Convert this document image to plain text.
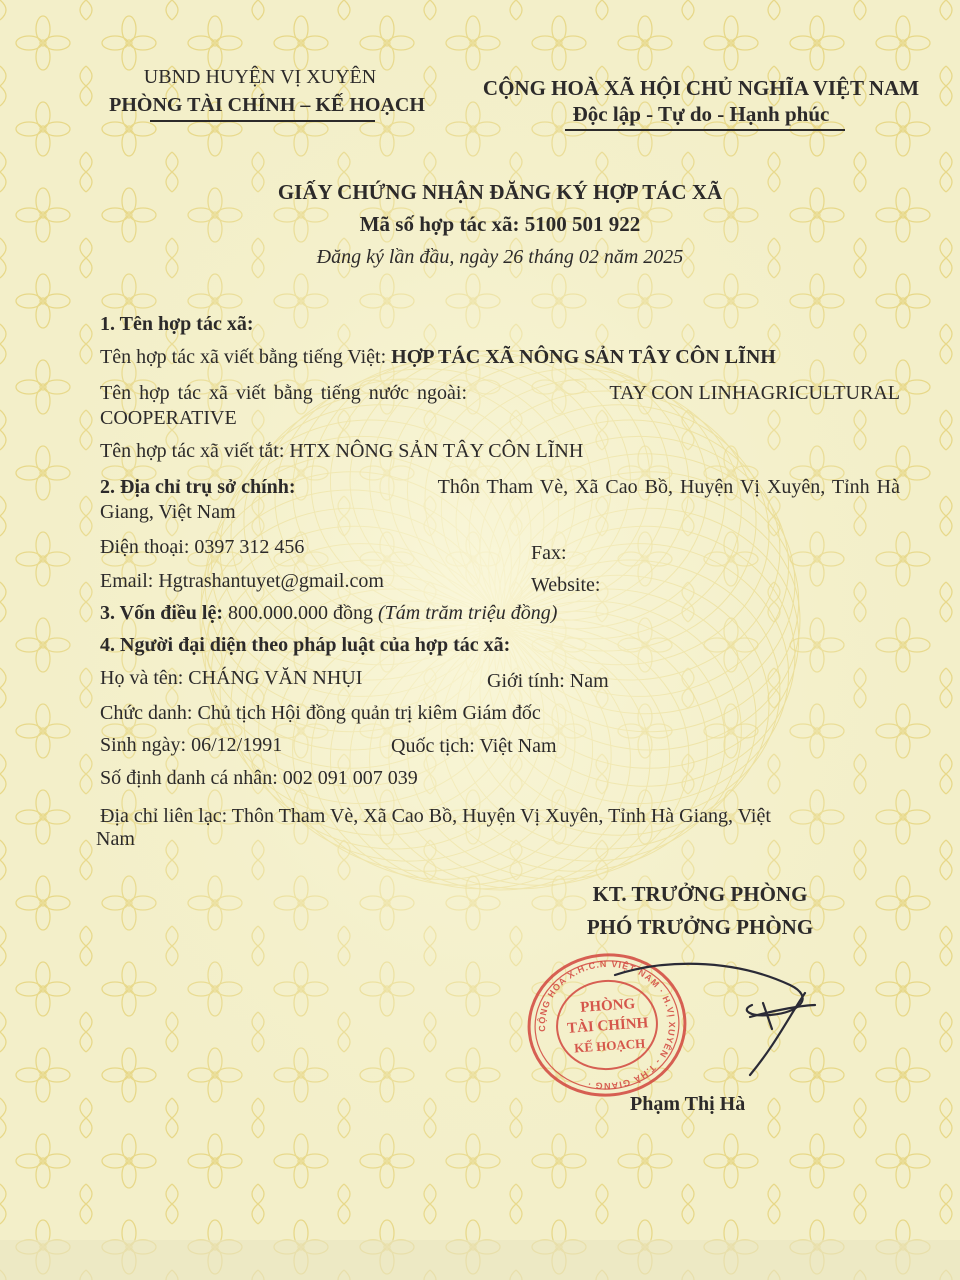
UBND HUYỆN VỊ XUYÊN
PHÒNG TÀI CHÍNH – KẾ HOẠCH
CỘNG HOÀ XÃ HỘI CHỦ NGHĨA VIỆT NAM
Độc lập - Tự do - Hạnh phúc
GIẤY CHỨNG NHẬN ĐĂNG KÝ HỢP TÁC XÃ
Mã số hợp tác xã: 5100 501 922
Đăng ký lần đầu, ngày 26 tháng 02 năm 2025
1. Tên hợp tác xã:
Tên hợp tác xã viết bằng tiếng Việt: HỢP TÁC XÃ NÔNG SẢN TÂY CÔN LĨNH
Tên hợp tác xã viết bằng tiếng nước ngoài:	TAY CON LINHAGRICULTURAL
COOPERATIVE
Tên hợp tác xã viết tắt: HTX NÔNG SẢN TÂY CÔN LĨNH
2. Địa chỉ trụ sở chính:	Thôn Tham Vè, Xã Cao Bồ, Huyện Vị Xuyên, Tỉnh Hà
Giang, Việt Nam
Điện thoại: 0397 312 456	Fax:
Email: Hgtrashantuyet@gmail.com	Website:
3. Vốn điều lệ: 800.000.000 đồng (Tám trăm triệu đồng)
4. Người đại diện theo pháp luật của hợp tác xã:
Họ và tên: CHÁNG VĂN NHỤI	Giới tính: Nam
Chức danh: Chủ tịch Hội đồng quản trị kiêm Giám đốc
Sinh ngày: 06/12/1991	Quốc tịch: Việt Nam
Số định danh cá nhân: 002 091 007 039
Địa chỉ liên lạc: Thôn Tham Vè, Xã Cao Bồ, Huyện Vị Xuyên, Tỉnh Hà Giang, Việt
Nam
KT. TRƯỞNG PHÒNG
PHÓ TRƯỞNG PHÒNG
CỘNG HÒA X.H.C.N VIỆT NAM · H.VỊ XUYÊN - T.HÀ GIANG ·
PHÒNG
TÀI CHÍNH
KẾ HOẠCH
Phạm Thị Hà
